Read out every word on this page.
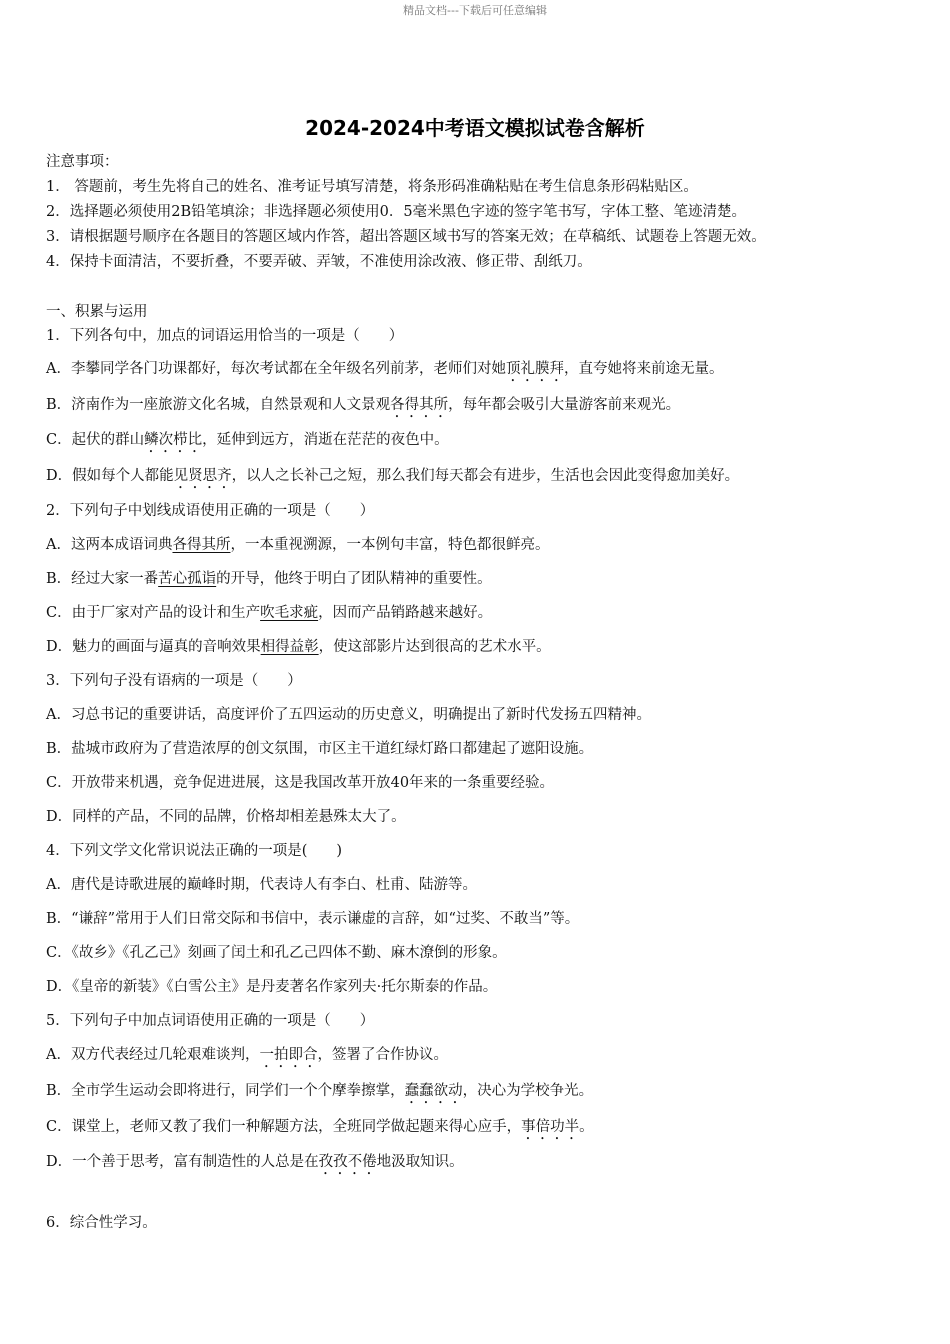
精品文档---下载后可任意编辑
2024-2024中考语文模拟试卷含解析
注意事项：
1． 答题前，考生先将自己的姓名、准考证号填写清楚，将条形码准确粘贴在考生信息条形码粘贴区。
2．选择题必须使用2B铅笔填涂；非选择题必须使用0．5毫米黑色字迹的签字笔书写，字体工整、笔迹清楚。
3．请根据题号顺序在各题目的答题区域内作答，超出答题区域书写的答案无效；在草稿纸、试题卷上答题无效。
4．保持卡面清洁，不要折叠，不要弄破、弄皱，不准使用涂改液、修正带、刮纸刀。
一、积累与运用
1．下列各句中，加点的词语运用恰当的一项是（　　）
A．李攀同学各门功课都好，每次考试都在全年级名列前茅，老师们对她顶礼膜拜，直夸她将来前途无量。
B．济南作为一座旅游文化名城，自然景观和人文景观各得其所，每年都会吸引大量游客前来观光。
C．起伏的群山鳞次栉比，延伸到远方，消逝在茫茫的夜色中。
D．假如每个人都能见贤思齐，以人之长补己之短，那么我们每天都会有进步，生活也会因此变得愈加美好。
2．下列句子中划线成语使用正确的一项是（　　）
A．这两本成语词典各得其所，一本重视溯源，一本例句丰富，特色都很鲜亮。
B．经过大家一番苦心孤诣的开导，他终于明白了团队精神的重要性。
C．由于厂家对产品的设计和生产吹毛求疵，因而产品销路越来越好。
D．魅力的画面与逼真的音响效果相得益彰，使这部影片达到很高的艺术水平。
3．下列句子没有语病的一项是（　　）
A．习总书记的重要讲话，高度评价了五四运动的历史意义，明确提出了新时代发扬五四精神。
B．盐城市政府为了营造浓厚的创文氛围，市区主干道红绿灯路口都建起了遮阳设施。
C．开放带来机遇，竞争促进进展，这是我国改革开放40年来的一条重要经验。
D．同样的产品，不同的品牌，价格却相差悬殊太大了。
4．下列文学文化常识说法正确的一项是(　　)
A．唐代是诗歌进展的巅峰时期，代表诗人有李白、杜甫、陆游等。
B．“谦辞”常用于人们日常交际和书信中，表示谦虚的言辞，如“过奖、不敢当”等。
C．《故乡》《孔乙己》刻画了闰土和孔乙己四体不勤、麻木潦倒的形象。
D．《皇帝的新装》《白雪公主》是丹麦著名作家列夫·托尔斯泰的作品。
5．下列句子中加点词语使用正确的一项是（　　）
A．双方代表经过几轮艰难谈判，一拍即合，签署了合作协议。
B．全市学生运动会即将进行，同学们一个个摩拳擦掌，蠢蠢欲动，决心为学校争光。
C．课堂上，老师又教了我们一种解题方法，全班同学做起题来得心应手，事倍功半。
D．一个善于思考，富有制造性的人总是在孜孜不倦地汲取知识。
6．综合性学习。
